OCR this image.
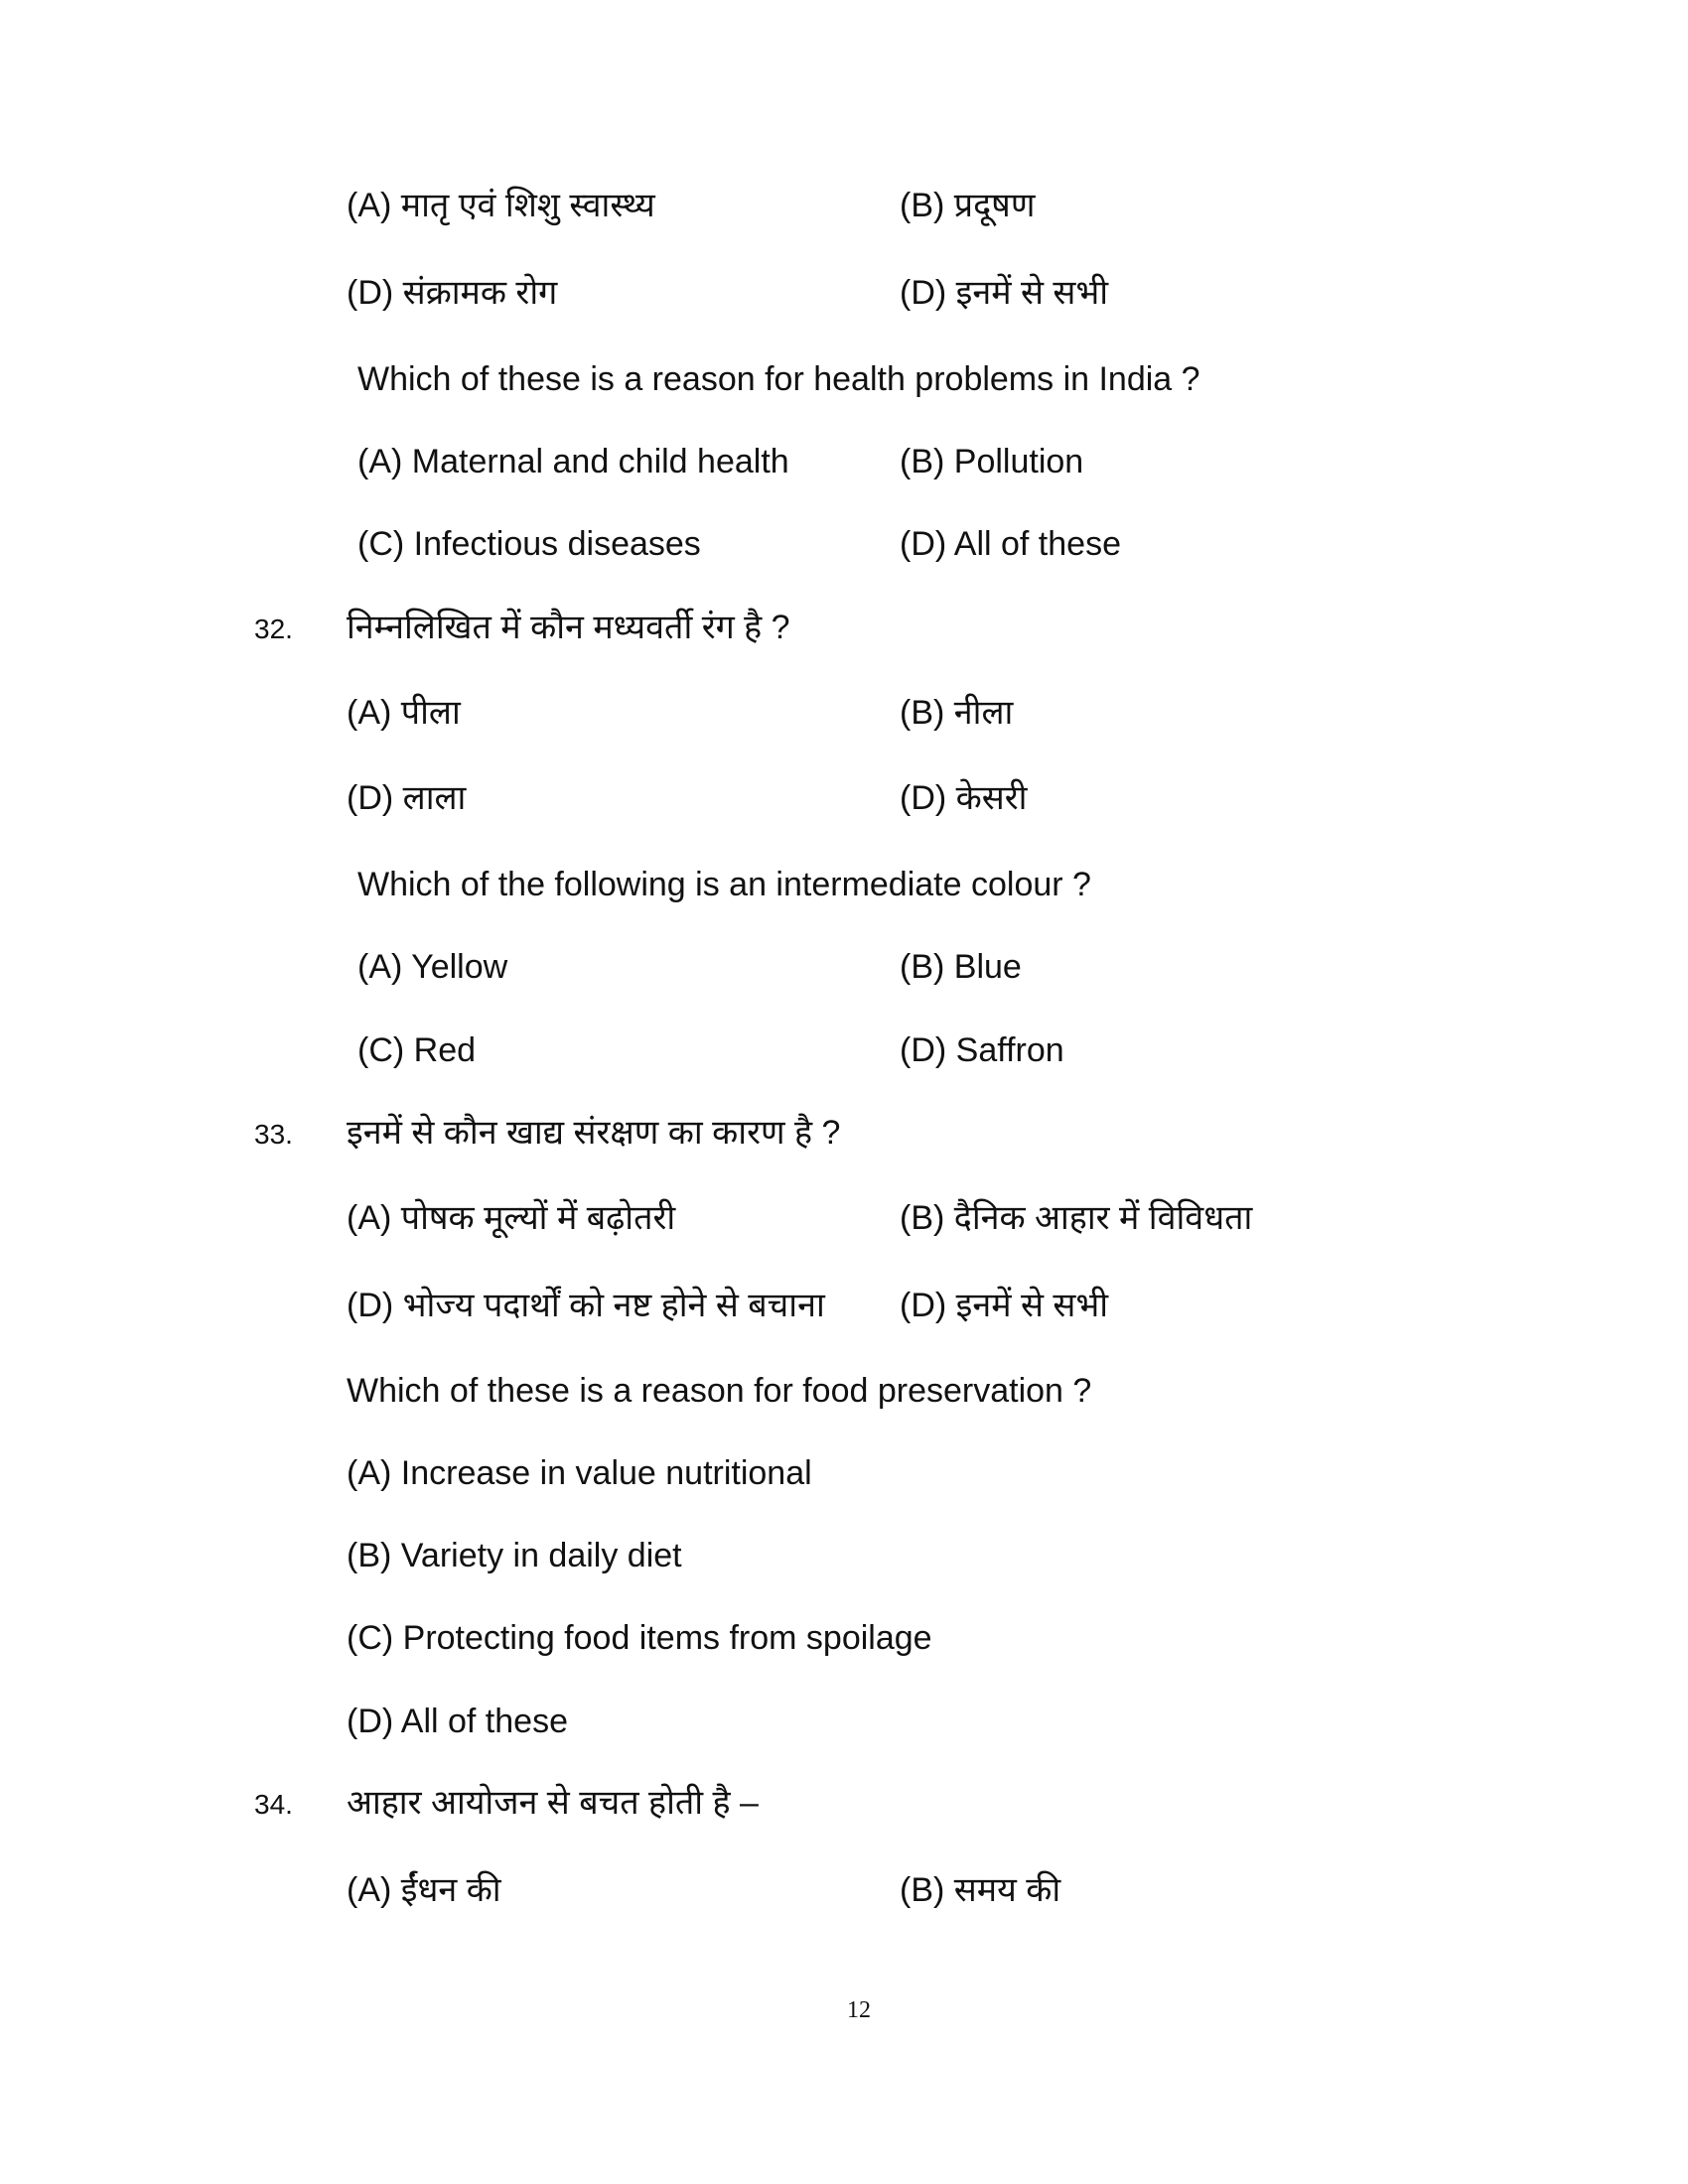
(A) मातृ एवं शिशु स्वास्थ्य	(B) प्रदूषण
(D) संक्रामक रोग	(D) इनमें से सभी
Which of these is a reason for health problems in India ?
(A) Maternal and child health	(B) Pollution
(C) Infectious diseases	(D) All of these
32. निम्नलिखित में कौन मध्यवर्ती रंग है ?
(A) पीला	(B) नीला
(D) लाला	(D) केसरी
Which of the following is an intermediate colour ?
(A) Yellow	(B) Blue
(C) Red	(D) Saffron
33. इनमें से कौन खाद्य संरक्षण का कारण है ?
(A) पोषक मूल्यों में बढ़ोतरी	(B) दैनिक आहार में विविधता
(D) भोज्य पदार्थों को नष्ट होने से बचाना (D) इनमें से सभी
Which of these is a reason for food preservation ?
(A) Increase in value nutritional
(B) Variety in daily diet
(C) Protecting food items from spoilage
(D) All of these
34. आहार आयोजन से बचत होती है –
(A) ईंधन की	(B) समय की
12
